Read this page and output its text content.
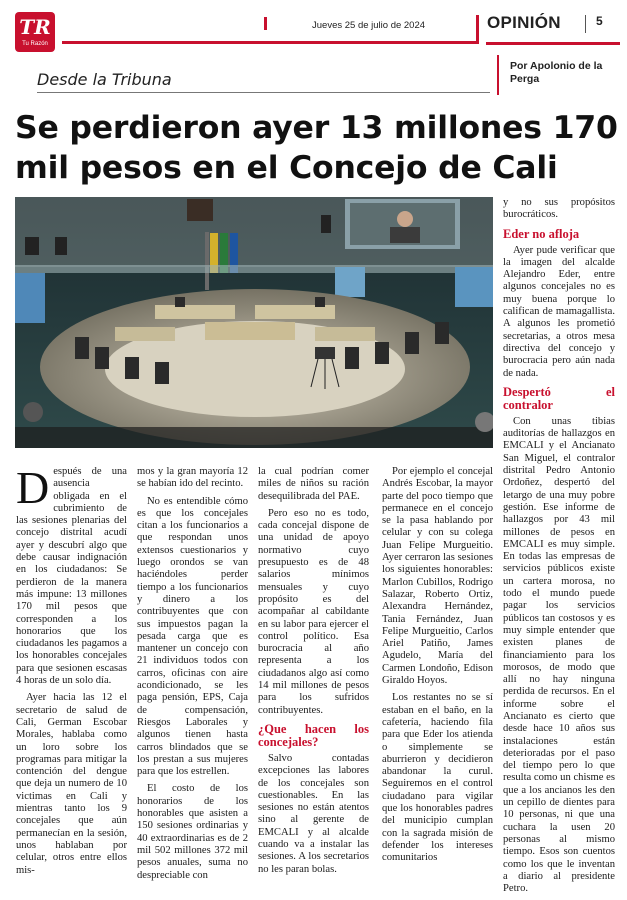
TR
Tu Razón
Jueves 25 de julio de 2024	OPINIÓN	5
Desde la Tribuna
Por Apolonio de la Perga
Se perdieron ayer 13 millones 170 mil pesos en el Concejo de Cali

Después de una ausencia obligada en el cubrimiento de las sesiones plenarias del concejo distrital acudí ayer y descubrí algo que debe causar indignación en los ciudadanos: Se perdieron de la manera más impune: 13 millones 170 mil pesos que corresponden a los honorarios que los ciudadanos les pagamos a los honorables concejales para que sesionen escasas 4 horas de un solo día.

Ayer hacia las 12 el secretario de salud de Cali, German Escobar Morales, hablaba como un loro sobre los programas para mitigar la contención del dengue que deja un numero de 10 victimas en Cali y mientras tanto los 9 concejales que aún permanecían en la sesión, unos hablaban por celular, otros entre ellos mis-

mos y la gran mayoría 12 se habían ido del recinto.

No es entendible cómo es que los concejales citan a los funcionarios a que respondan unos extensos cuestionarios y luego orondos se van haciéndoles perder tiempo a los funcionarios y dinero a los contribuyentes que con sus impuestos pagan la pesada carga que es mantener un concejo con 21 individuos todos con carros, oficinas con aire acondicionado, se les paga pensión, EPS, Caja de compensación, Riesgos Laborales y algunos tienen hasta carros blindados que se los prestan a sus mujeres para que los estrellen.

El costo de los honorarios de los honorables que asisten a 150 sesiones ordinarias y 40 extraordinarias es de 2 mil 502 millones 372 mil pesos anuales, suma no despreciable con

la cual podrían comer miles de niños su ración desequilibrada del PAE.

Pero eso no es todo, cada concejal dispone de una unidad de apoyo normativo cuyo presupuesto es de 48 salarios mínimos mensuales y cuyo propósito es del acompañar al cabildante en su labor para ejercer el control político. Esa burocracia al año representa a los ciudadanos algo así como 14 mil millones de pesos para los sufridos contribuyentes.

¿Que hacen los concejales?

Salvo contadas excepciones las labores de los concejales son cuestionables. En las sesiones no están atentos sino al gerente de EMCALI y al alcalde cuando va a instalar las sesiones. A los secretarios no les paran bolas.

Por ejemplo el concejal Andrés Escobar, la mayor parte del poco tiempo que permanece en el concejo se la pasa hablando por celular y con su colega Juan Felipe Murgueitio. Ayer cerraron las sesiones los siguientes honorables: Marlon Cubillos, Rodrigo Salazar, Roberto Ortiz, Alexandra Hernández, Tania Fernández, Juan Felipe Murgueitio, Carlos Ariel Patiño, James Agudelo, María del Carmen Londoño, Edison Giraldo Hoyos.

Los restantes no se sí estaban en el baño, en la cafetería, haciendo fila para que Eder los atienda o simplemente se aburrieron y decidieron abandonar la curul. Seguiremos en el control ciudadano para vigilar que los honorables padres del municipio cumplan con la sagrada misión de defender los intereses comunitarios

y no sus propósitos burocráticos.

Eder no afloja

Ayer pude verificar que la imagen del alcalde Alejandro Eder, entre algunos concejales no es muy buena porque lo califican de mamagallista. A algunos les prometió secretarias, a otros mesa directiva del concejo y burocracia pero aún nada de nada.

Despertó el contralor

Con unas tibias auditorías de hallazgos en EMCALI y el Ancianato San Miguel, el contralor distrital Pedro Antonio Ordoñez, despertó del letargo de una muy pobre gestión. Ese informe de hallazgos por 43 mil millones de pesos en EMCALI es muy simple. En todas las empresas de servicios públicos existe un cartera morosa, no todo el mundo puede pagar los servicios públicos tan costosos y es muy simple entender que existen planes de financiamiento para los morosos, de modo que allí no hay ninguna perdida de recursos. En el informe sobre el Ancianato es cierto que desde hace 10 años sus instalaciones están deterioradas por el paso del tiempo pero lo que resulta como un chisme es que a los ancianos les den un cepillo de dientes para 10 personas, ni que una cuchara la usen 20 personas al mismo tiempo. Esos son cuentos como los que le inventan a diario al presidente Petro.
